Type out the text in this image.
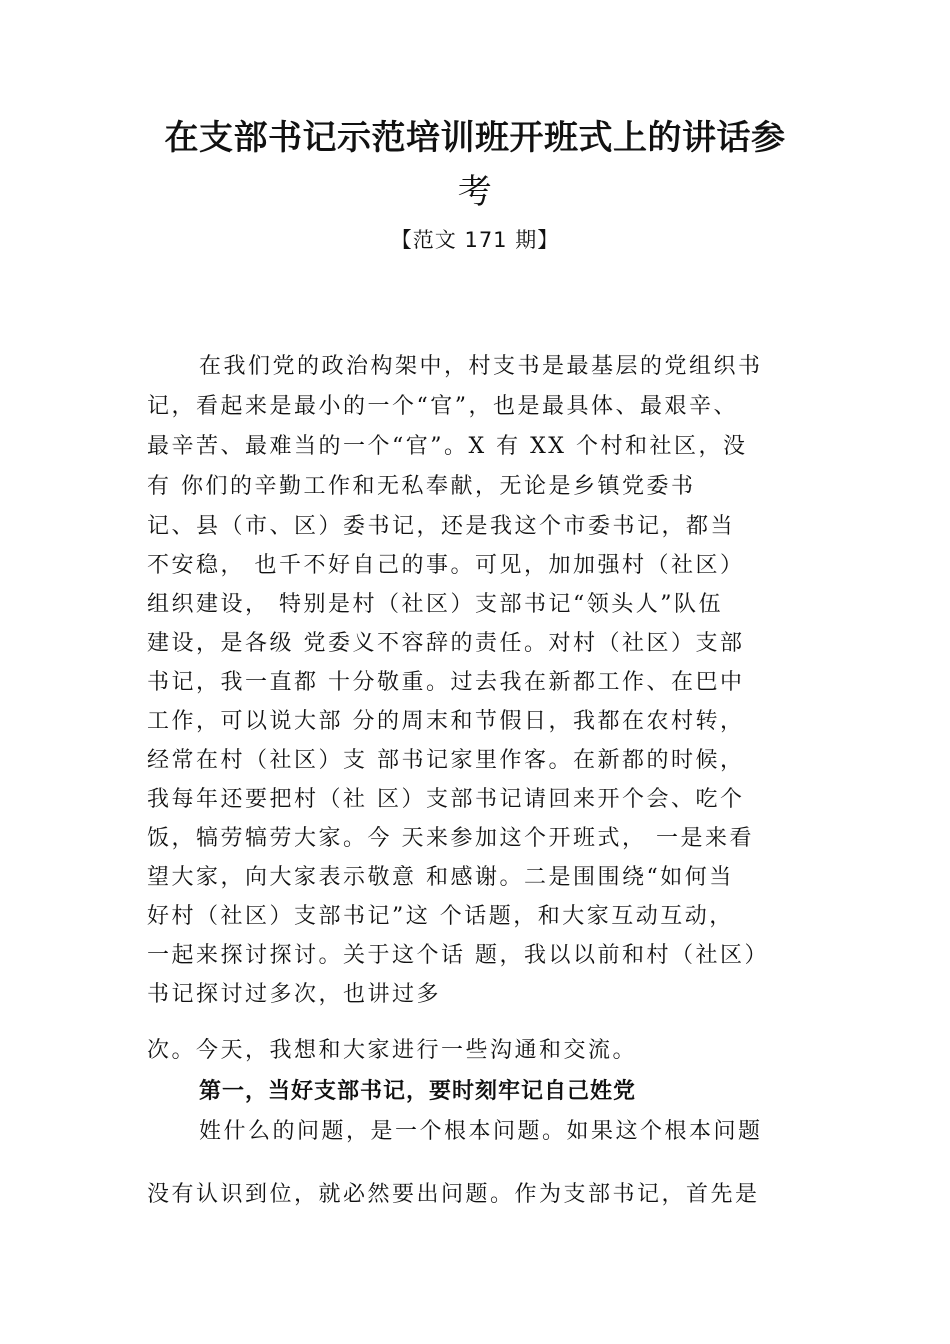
在支部书记示范培训班开班式上的讲话参
考
【范文 171 期】
在我们党的政治构架中，村支书是最基层的党组织书
记，看起来是最小的一个“官”，也是最具体、最艰辛、
最辛苦、最难当的一个“官”。X 有 XX 个村和社区，没
有 你们的辛勤工作和无私奉献，无论是乡镇党委书
记、县（市、区）委书记，还是我这个市委书记，都当
不安稳， 也千不好自己的事。可见，加加强村（社区）
组织建设， 特别是村（社区）支部书记“领头人”队伍
建设，是各级 党委义不容辞的责任。对村（社区）支部
书记，我一直都 十分敬重。过去我在新都工作、在巴中
工作，可以说大部 分的周末和节假日，我都在农村转，
经常在村（社区）支 部书记家里作客。在新都的时候，
我每年还要把村（社 区）支部书记请回来开个会、吃个
饭，犒劳犒劳大家。今 天来参加这个开班式， 一是来看
望大家，向大家表示敬意 和感谢。二是围围绕“如何当
好村（社区）支部书记”这 个话题，和大家互动互动，
一起来探讨探讨。关于这个话 题，我以以前和村（社区）
书记探讨过多次，也讲过多
次。今天，我想和大家进行一些沟通和交流。
第一，当好支部书记，要时刻牢记自己姓党
姓什么的问题，是一个根本问题。如果这个根本问题
没有认识到位，就必然要出问题。作为支部书记，首先是
